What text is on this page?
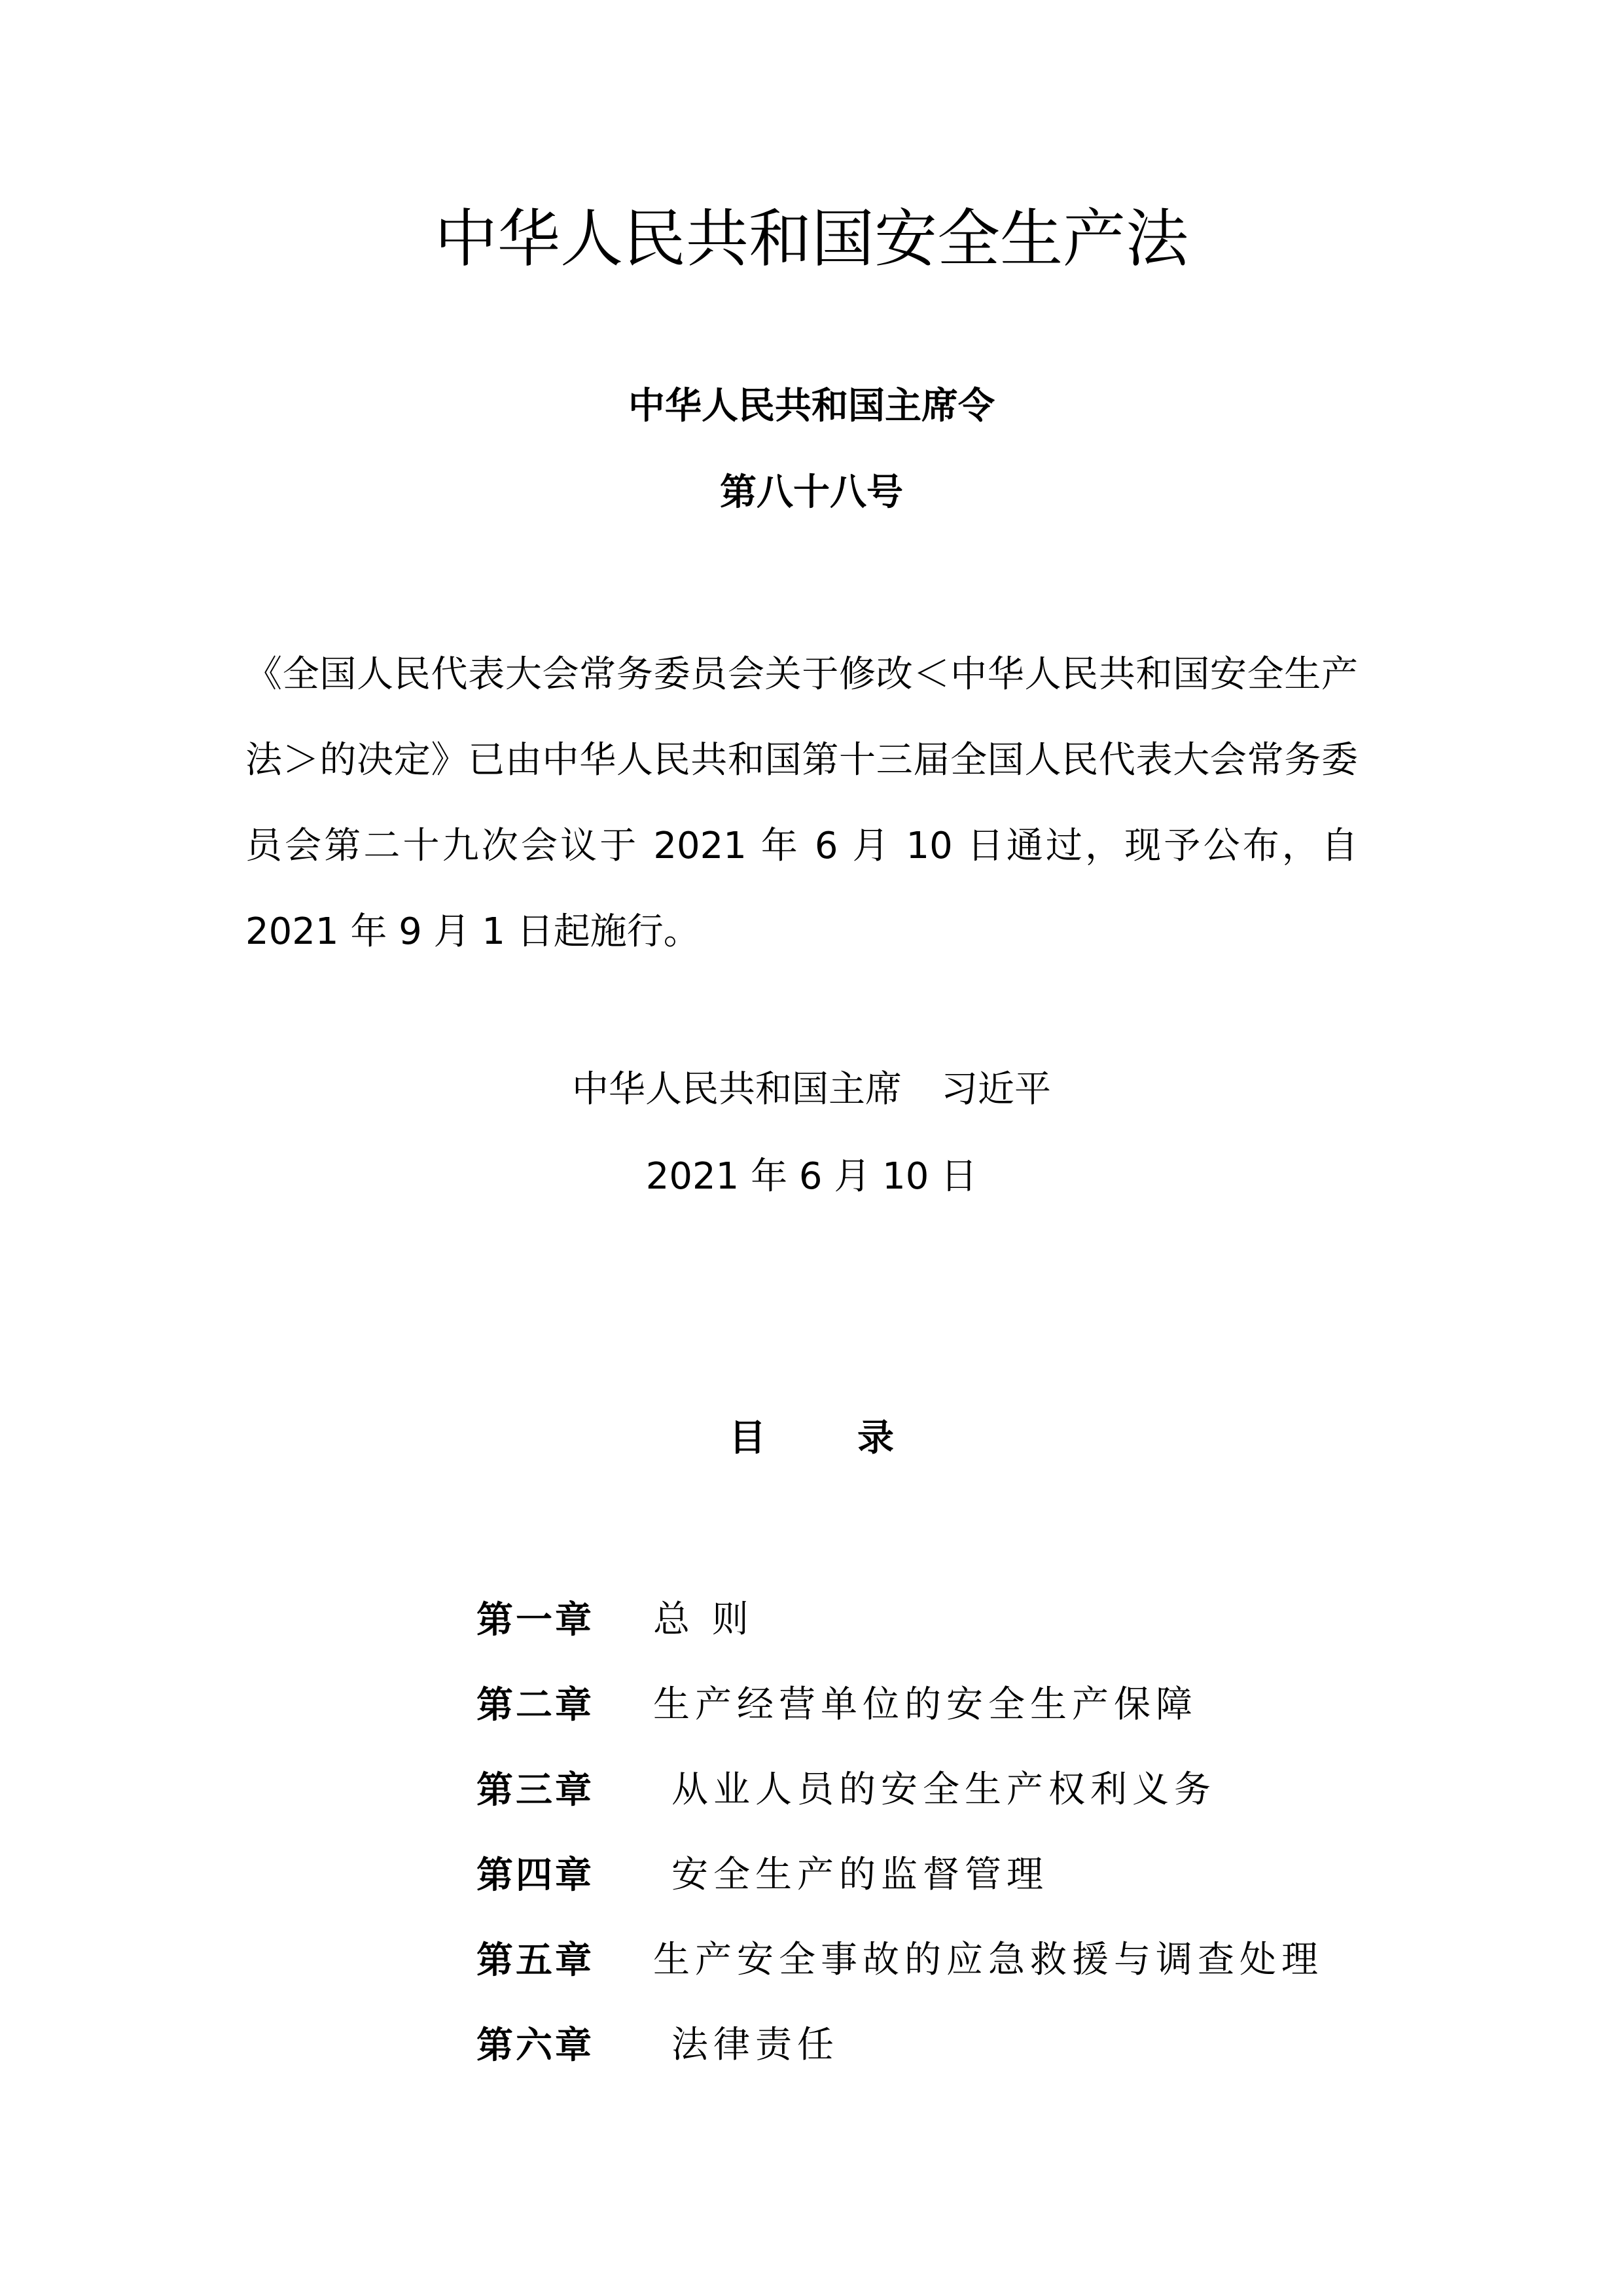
中华人民共和国安全生产法
中华人民共和国主席令
第八十八号
《全国人民代表大会常务委员会关于修改＜中华人民共和国安全生产法＞的决定》已由中华人民共和国第十三届全国人民代表大会常务委员会第二十九次会议于 2021 年 6 月 10 日通过，现予公布，自 2021 年 9 月 1 日起施行。
中华人民共和国主席 习近平
2021 年 6 月 10 日
目	录
第一章	总 则
第二章	生产经营单位的安全生产保障
第三章	从业人员的安全生产权利义务
第四章	安全生产的监督管理
第五章	生产安全事故的应急救援与调查处理
第六章	法律责任
